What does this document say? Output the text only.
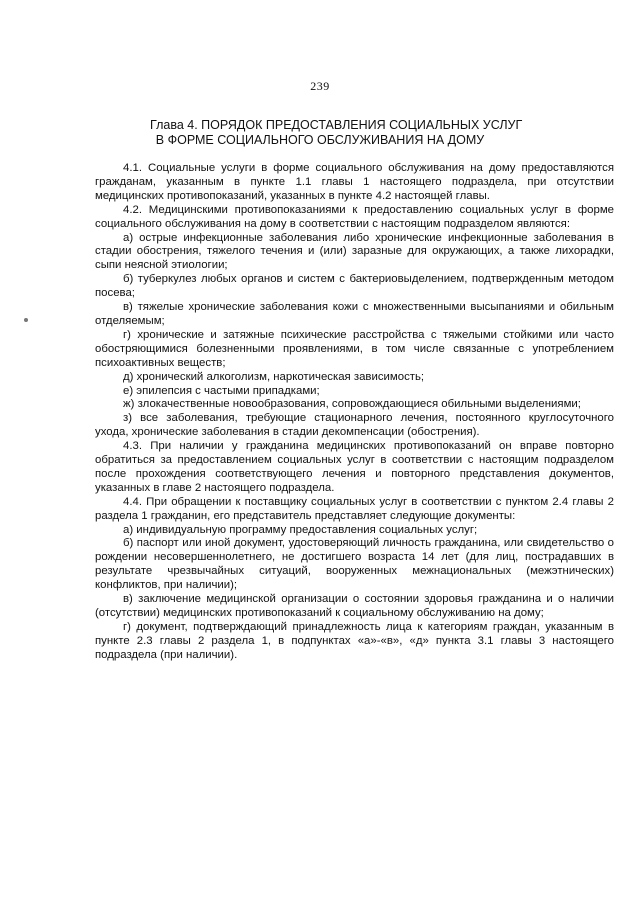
239
Глава 4. ПОРЯДОК ПРЕДОСТАВЛЕНИЯ СОЦИАЛЬНЫХ УСЛУГ
В ФОРМЕ СОЦИАЛЬНОГО ОБСЛУЖИВАНИЯ НА ДОМУ

4.1. Социальные услуги в форме социального обслуживания на дому предоставляются гражданам, указанным в пункте 1.1 главы 1 настоящего подраздела, при отсутствии медицинских противопоказаний, указанных в пункте 4.2 настоящей главы.

4.2. Медицинскими противопоказаниями к предоставлению социальных услуг в форме социального обслуживания на дому в соответствии с настоящим подразделом являются:

а) острые инфекционные заболевания либо хронические инфекционные заболевания в стадии обострения, тяжелого течения и (или) заразные для окружающих, а также лихорадки, сыпи неясной этиологии;

б) туберкулез любых органов и систем с бактериовыделением, подтвержденным методом посева;

в) тяжелые хронические заболевания кожи с множественными высыпаниями и обильным отделяемым;

г) хронические и затяжные психические расстройства с тяжелыми стойкими или часто обостряющимися болезненными проявлениями, в том числе связанные с употреблением психоактивных веществ;

д) хронический алкоголизм, наркотическая зависимость;

е) эпилепсия с частыми припадками;

ж) злокачественные новообразования, сопровождающиеся обильными выделениями;

з) все заболевания, требующие стационарного лечения, постоянного круглосуточного ухода, хронические заболевания в стадии декомпенсации (обострения).

4.3. При наличии у гражданина медицинских противопоказаний он вправе повторно обратиться за предоставлением социальных услуг в соответствии с настоящим подразделом после прохождения соответствующего лечения и повторного представления документов, указанных в главе 2 настоящего подраздела.

4.4. При обращении к поставщику социальных услуг в соответствии с пунктом 2.4 главы 2 раздела 1 гражданин, его представитель представляет следующие документы:

а) индивидуальную программу предоставления социальных услуг;

б) паспорт или иной документ, удостоверяющий личность гражданина, или свидетельство о рождении несовершеннолетнего, не достигшего возраста 14 лет (для лиц, пострадавших в результате чрезвычайных ситуаций, вооруженных межнациональных (межэтнических) конфликтов, при наличии);

в) заключение медицинской организации о состоянии здоровья гражданина и о наличии (отсутствии) медицинских противопоказаний к социальному обслуживанию на дому;

г) документ, подтверждающий принадлежность лица к категориям граждан, указанным в пункте 2.3 главы 2 раздела 1, в подпунктах «а»-«в», «д» пункта 3.1 главы 3 настоящего подраздела (при наличии).
